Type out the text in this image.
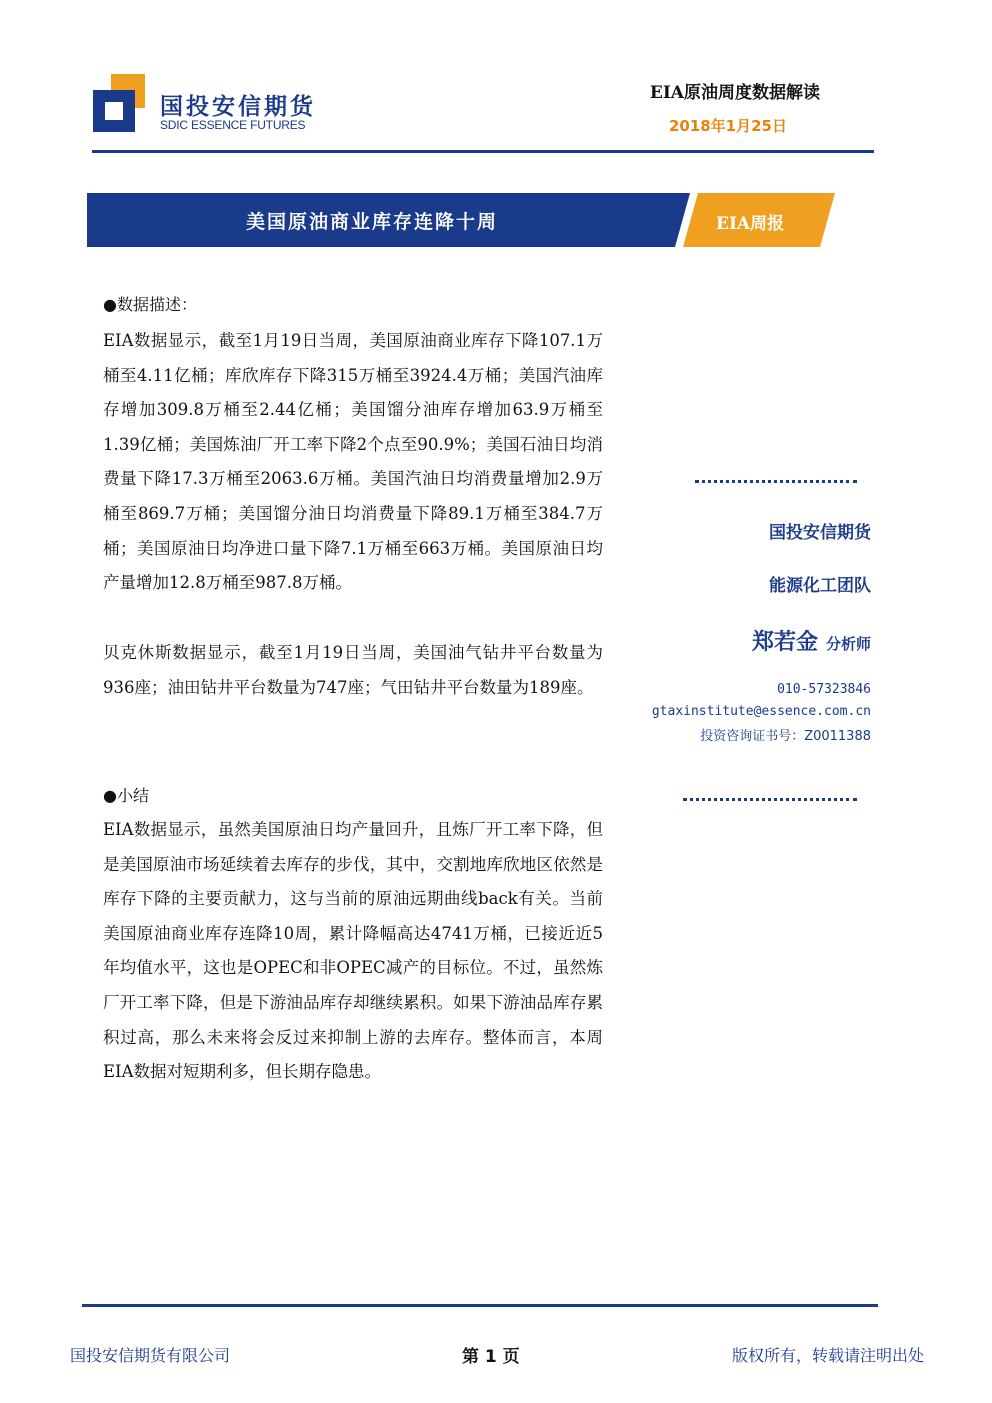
国投安信期货
SDIC ESSENCE FUTURES
EIA原油周度数据解读
2018年1月25日
美国原油商业库存连降十周	EIA周报
●数据描述：
EIA数据显示，截至1月19日当周，美国原油商业库存下降107.1万桶至4.11亿桶；库欣库存下降315万桶至3924.4万桶；美国汽油库存增加309.8万桶至2.44亿桶；美国馏分油库存增加63.9万桶至1.39亿桶；美国炼油厂开工率下降2个点至90.9%；美国石油日均消费量下降17.3万桶至2063.6万桶。美国汽油日均消费量增加2.9万桶至869.7万桶；美国馏分油日均消费量下降89.1万桶至384.7万桶；美国原油日均净进口量下降7.1万桶至663万桶。美国原油日均产量增加12.8万桶至987.8万桶。
贝克休斯数据显示，截至1月19日当周，美国油气钻井平台数量为936座；油田钻井平台数量为747座；气田钻井平台数量为189座。
●小结
EIA数据显示，虽然美国原油日均产量回升，且炼厂开工率下降，但是美国原油市场延续着去库存的步伐，其中，交割地库欣地区依然是库存下降的主要贡献力，这与当前的原油远期曲线back有关。当前美国原油商业库存连降10周，累计降幅高达4741万桶，已接近近5年均值水平，这也是OPEC和非OPEC减产的目标位。不过，虽然炼厂开工率下降，但是下游油品库存却继续累积。如果下游油品库存累积过高，那么未来将会反过来抑制上游的去库存。整体而言，本周EIA数据对短期利多，但长期存隐患。
国投安信期货
能源化工团队
郑若金 分析师
010-57323846
gtaxinstitute@essence.com.cn
投资咨询证书号：Z0011388
国投安信期货有限公司	第 1 页	版权所有，转载请注明出处
